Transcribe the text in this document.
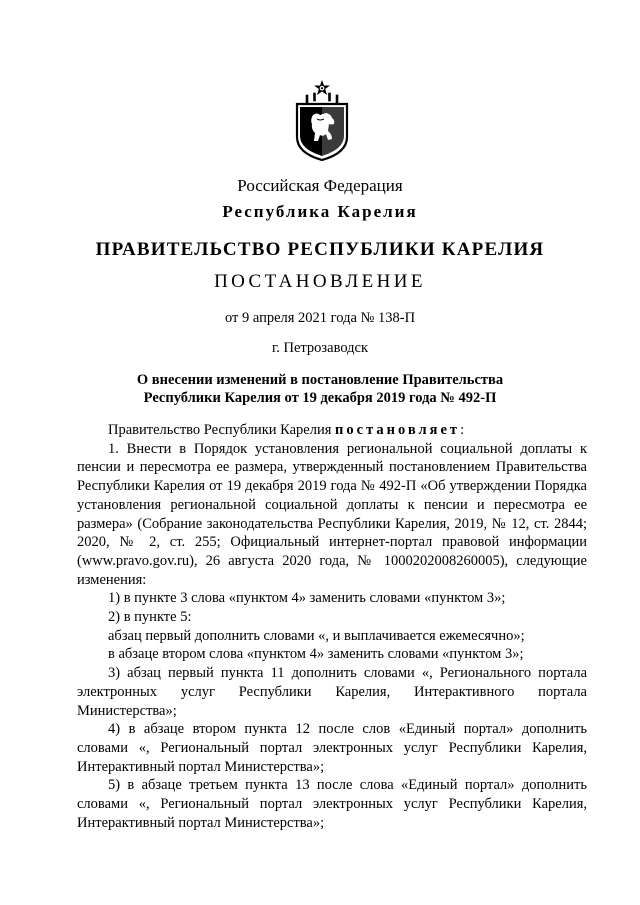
Российская Федерация
Республика Карелия
ПРАВИТЕЛЬСТВО РЕСПУБЛИКИ КАРЕЛИЯ
ПОСТАНОВЛЕНИЕ
от 9 апреля 2021 года № 138-П
г. Петрозаводск
О внесении изменений в постановление Правительства
Республики Карелия от 19 декабря 2019 года № 492-П

Правительство Республики Карелия постановляет:

1. Внести в Порядок установления региональной социальной доплаты к пенсии и пересмотра ее размера, утвержденный постановлением Правительства Республики Карелия от 19 декабря 2019 года № 492-П «Об утверждении Порядка установления региональной социальной доплаты к пенсии и пересмотра ее размера» (Собрание законодательства Республики Карелия, 2019, № 12, ст. 2844; 2020, № 2, ст. 255; Официальный интернет-портал правовой информации (www.pravo.gov.ru), 26 августа 2020 года, № 1000202008260005), следующие изменения:

1) в пункте 3 слова «пунктом 4» заменить словами «пунктом 3»;

2) в пункте 5:

абзац первый дополнить словами «, и выплачивается ежемесячно»;

в абзаце втором слова «пунктом 4» заменить словами «пунктом 3»;

3) абзац первый пункта 11 дополнить словами «, Регионального портала электронных услуг Республики Карелия, Интерактивного портала Министерства»;

4) в абзаце втором пункта 12 после слов «Единый портал» дополнить словами «, Региональный портал электронных услуг Республики Карелия, Интерактивный портал Министерства»;

5) в абзаце третьем пункта 13 после слова «Единый портал» дополнить словами «, Региональный портал электронных услуг Республики Карелия, Интерактивный портал Министерства»;
